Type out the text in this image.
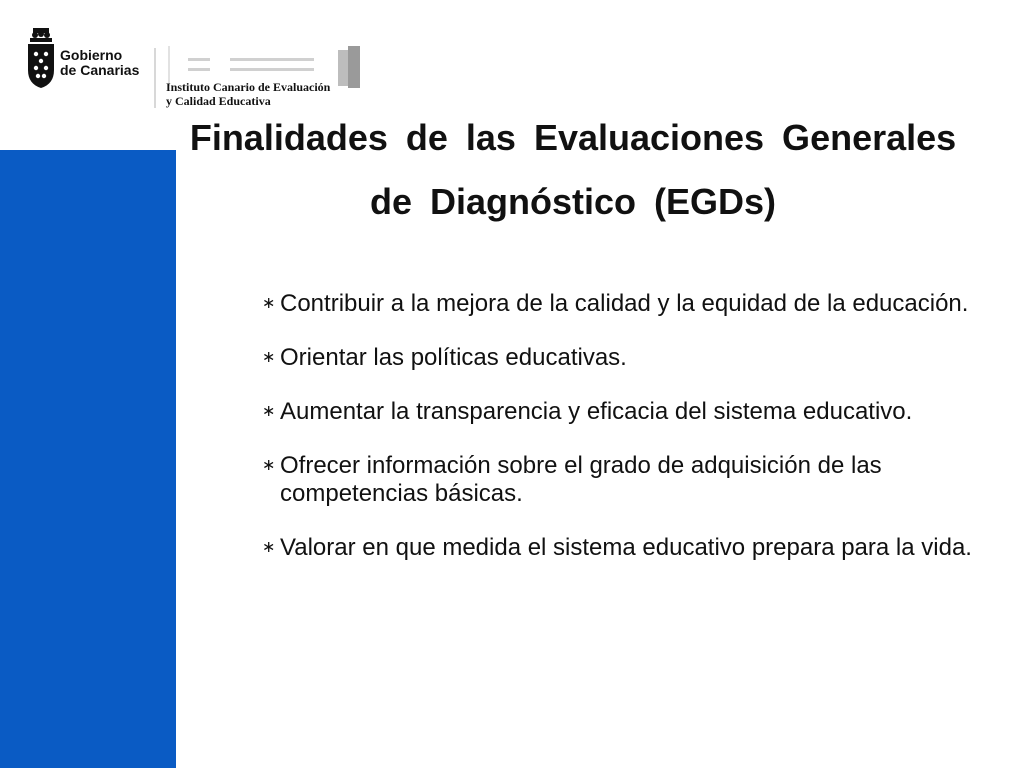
Gobierno
de Canarias
Instituto Canario de Evaluación
y Calidad Educativa
Finalidades de las Evaluaciones Generales
de Diagnóstico (EGDs)
∗ Contribuir a la mejora de la calidad y la equidad de la educación.
∗ Orientar las políticas educativas.
∗ Aumentar la transparencia y eficacia del sistema educativo.
∗ Ofrecer información sobre el grado de adquisición de las competencias básicas.
∗ Valorar en que medida el sistema educativo prepara para la vida.
